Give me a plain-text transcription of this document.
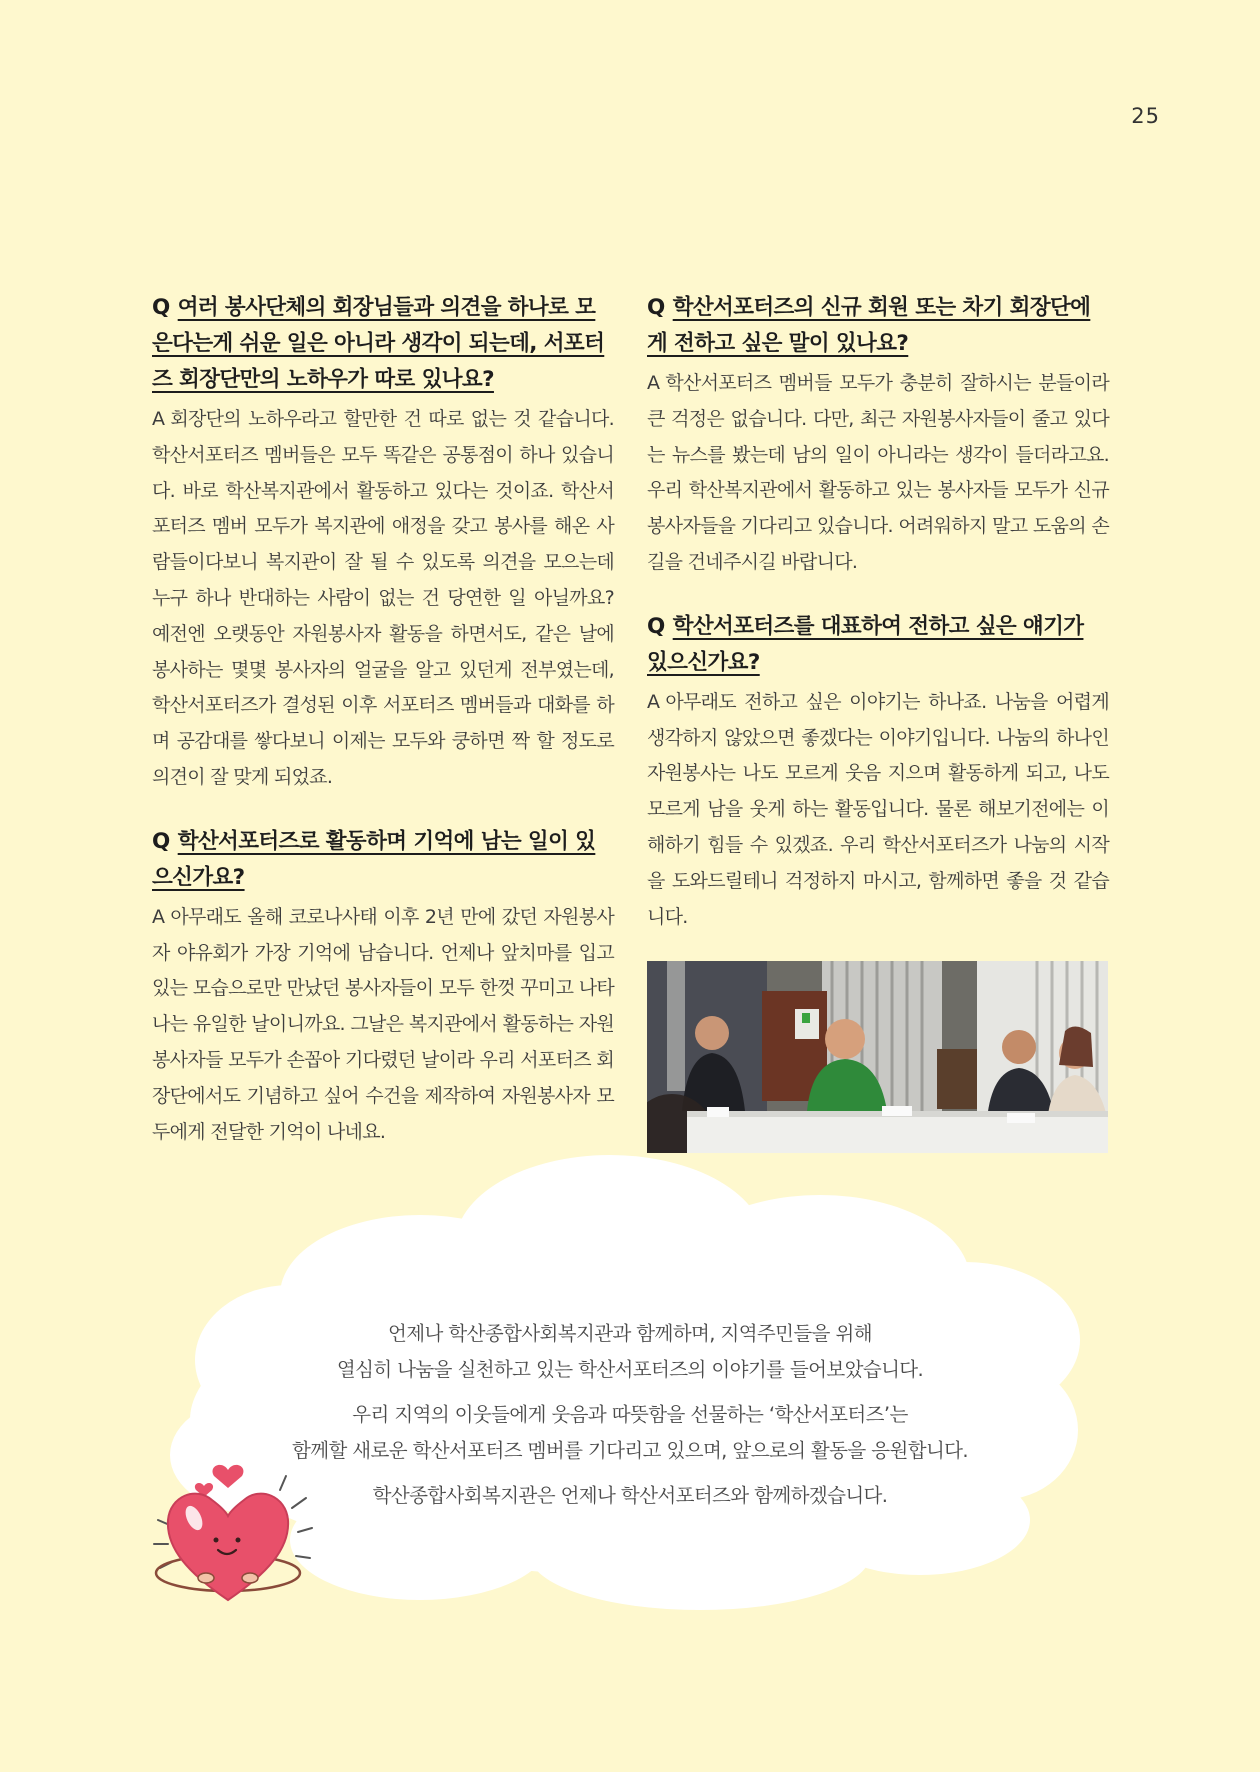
25

Q 여러 봉사단체의 회장님들과 의견을 하나로 모은다는게 쉬운 일은 아니라 생각이 되는데, 서포터즈 회장단만의 노하우가 따로 있나요?

A 회장단의 노하우라고 할만한 건 따로 없는 것 같습니다. 학산서포터즈 멤버들은 모두 똑같은 공통점이 하나 있습니다. 바로 학산복지관에서 활동하고 있다는 것이죠. 학산서포터즈 멤버 모두가 복지관에 애정을 갖고 봉사를 해온 사람들이다보니 복지관이 잘 될 수 있도록 의견을 모으는데 누구 하나 반대하는 사람이 없는 건 당연한 일 아닐까요? 예전엔 오랫동안 자원봉사자 활동을 하면서도, 같은 날에 봉사하는 몇몇 봉사자의 얼굴을 알고 있던게 전부였는데, 학산서포터즈가 결성된 이후 서포터즈 멤버들과 대화를 하며 공감대를 쌓다보니 이제는 모두와 쿵하면 짝 할 정도로 의견이 잘 맞게 되었죠.

Q 학산서포터즈로 활동하며 기억에 남는 일이 있으신가요?

A 아무래도 올해 코로나사태 이후 2년 만에 갔던 자원봉사자 야유회가 가장 기억에 남습니다. 언제나 앞치마를 입고 있는 모습으로만 만났던 봉사자들이 모두 한껏 꾸미고 나타나는 유일한 날이니까요. 그날은 복지관에서 활동하는 자원봉사자들 모두가 손꼽아 기다렸던 날이라 우리 서포터즈 회장단에서도 기념하고 싶어 수건을 제작하여 자원봉사자 모두에게 전달한 기억이 나네요.

Q 학산서포터즈의 신규 회원 또는 차기 회장단에게 전하고 싶은 말이 있나요?

A 학산서포터즈 멤버들 모두가 충분히 잘하시는 분들이라 큰 걱정은 없습니다. 다만, 최근 자원봉사자들이 줄고 있다는 뉴스를 봤는데 남의 일이 아니라는 생각이 들더라고요. 우리 학산복지관에서 활동하고 있는 봉사자들 모두가 신규 봉사자들을 기다리고 있습니다. 어려워하지 말고 도움의 손길을 건네주시길 바랍니다.

Q 학산서포터즈를 대표하여 전하고 싶은 얘기가 있으신가요?

A 아무래도 전하고 싶은 이야기는 하나죠. 나눔을 어렵게 생각하지 않았으면 좋겠다는 이야기입니다. 나눔의 하나인 자원봉사는 나도 모르게 웃음 지으며 활동하게 되고, 나도 모르게 남을 웃게 하는 활동입니다. 물론 해보기전에는 이해하기 힘들 수 있겠죠. 우리 학산서포터즈가 나눔의 시작을 도와드릴테니 걱정하지 마시고, 함께하면 좋을 것 같습니다.

언제나 학산종합사회복지관과 함께하며, 지역주민들을 위해
열심히 나눔을 실천하고 있는 학산서포터즈의 이야기를 들어보았습니다.

우리 지역의 이웃들에게 웃음과 따뜻함을 선물하는 ‘학산서포터즈’는
함께할 새로운 학산서포터즈 멤버를 기다리고 있으며, 앞으로의 활동을 응원합니다.

학산종합사회복지관은 언제나 학산서포터즈와 함께하겠습니다.
